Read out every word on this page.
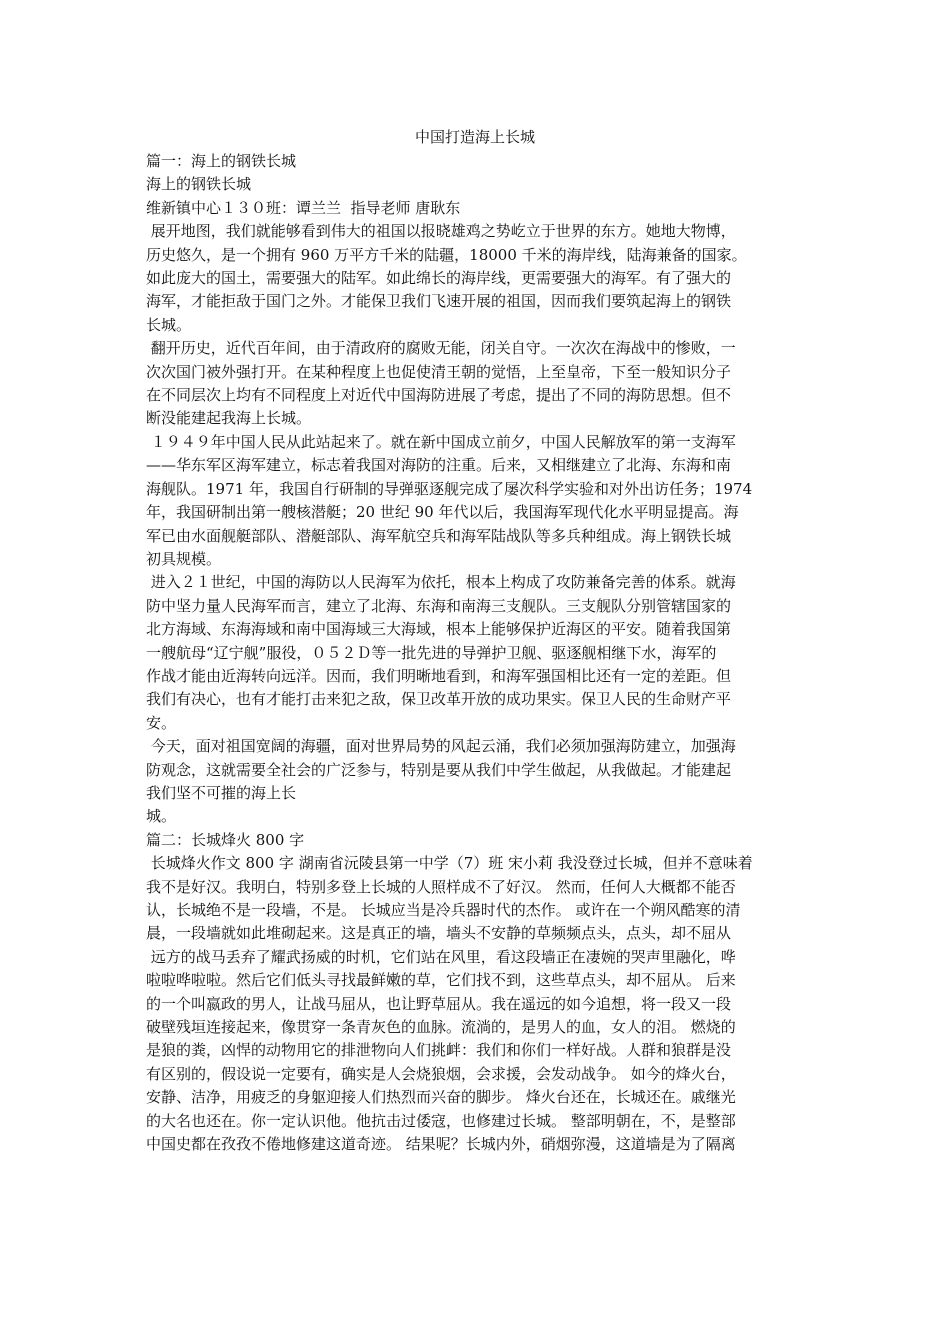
中国打造海上长城
篇一：海上的钢铁长城
海上的钢铁长城
维新镇中心１３０班：谭兰兰  指导老师 唐耿东
展开地图，我们就能够看到伟大的祖国以报晓雄鸡之势屹立于世界的东方。她地大物博，
历史悠久，是一个拥有 960 万平方千米的陆疆，18000 千米的海岸线，陆海兼备的国家。
如此庞大的国土，需要强大的陆军。如此绵长的海岸线，更需要强大的海军。有了强大的
海军，才能拒敌于国门之外。才能保卫我们飞速开展的祖国，因而我们要筑起海上的钢铁
长城。
翻开历史，近代百年间，由于清政府的腐败无能，闭关自守。一次次在海战中的惨败，一
次次国门被外强打开。在某种程度上也促使清王朝的觉悟，上至皇帝，下至一般知识分子
在不同层次上均有不同程度上对近代中国海防进展了考虑，提出了不同的海防思想。但不
断没能建起我海上长城。
１９４９年中国人民从此站起来了。就在新中国成立前夕，中国人民解放军的第一支海军
——华东军区海军建立，标志着我国对海防的注重。后来，又相继建立了北海、东海和南
海舰队。1971 年，我国自行研制的导弹驱逐舰完成了屡次科学实验和对外出访任务；1974
年，我国研制出第一艘核潜艇；20 世纪 90 年代以后，我国海军现代化水平明显提高。海
军已由水面舰艇部队、潜艇部队、海军航空兵和海军陆战队等多兵种组成。海上钢铁长城
初具规模。
进入２１世纪，中国的海防以人民海军为依托，根本上构成了攻防兼备完善的体系。就海
防中坚力量人民海军而言，建立了北海、东海和南海三支舰队。三支舰队分别管辖国家的
北方海域、东海海域和南中国海域三大海域，根本上能够保护近海区的平安。随着我国第
一艘航母“辽宁舰”服役，０５２Ｄ等一批先进的导弹护卫舰、驱逐舰相继下水，海军的
作战才能由近海转向远洋。因而，我们明晰地看到，和海军强国相比还有一定的差距。但
我们有决心，也有才能打击来犯之敌，保卫改革开放的成功果实。保卫人民的生命财产平
安。
今天，面对祖国宽阔的海疆，面对世界局势的风起云涌，我们必须加强海防建立，加强海
防观念，这就需要全社会的广泛参与，特别是要从我们中学生做起，从我做起。才能建起
我们坚不可摧的海上长
城。
篇二：长城烽火 800 字
长城烽火作文 800 字 湖南省沅陵县第一中学（7）班 宋小莉 我没登过长城，但并不意味着
我不是好汉。我明白，特别多登上长城的人照样成不了好汉。 然而，任何人大概都不能否
认，长城绝不是一段墙，不是。 长城应当是冷兵器时代的杰作。 或许在一个朔风酷寒的清
晨，一段墙就如此堆砌起来。这是真正的墙，墙头不安静的草频频点头，点头，却不屈从
远方的战马丢弃了耀武扬威的时机，它们站在风里，看这段墙正在凄婉的哭声里融化，哗
啦啦哗啦啦。然后它们低头寻找最鲜嫩的草，它们找不到，这些草点头，却不屈从。 后来
的一个叫嬴政的男人，让战马屈从，也让野草屈从。我在遥远的如今追想，将一段又一段
破壁残垣连接起来，像贯穿一条青灰色的血脉。流淌的，是男人的血，女人的泪。 燃烧的
是狼的粪，凶悍的动物用它的排泄物向人们挑衅：我们和你们一样好战。人群和狼群是没
有区别的，假设说一定要有，确实是人会烧狼烟，会求援，会发动战争。 如今的烽火台，
安静、洁净，用疲乏的身躯迎接人们热烈而兴奋的脚步。 烽火台还在，长城还在。戚继光
的大名也还在。你一定认识他。他抗击过倭寇，也修建过长城。 整部明朝在，不，是整部
中国史都在孜孜不倦地修建这道奇迹。 结果呢？长城内外，硝烟弥漫，这道墙是为了隔离
